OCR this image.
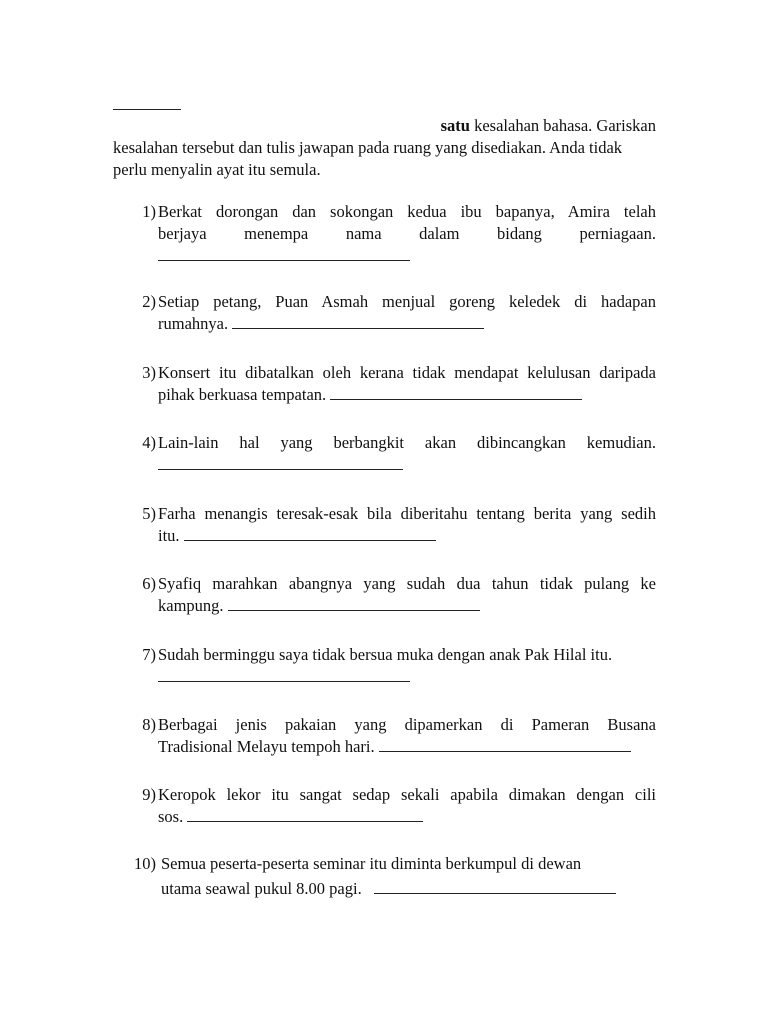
satu kesalahan bahasa. Gariskan
kesalahan tersebut dan tulis jawapan pada ruang yang disediakan. Anda tidak
perlu menyalin ayat itu semula.
1) Berkat dorongan dan sokongan kedua ibu bapanya, Amira telah
berjaya menempa nama dalam bidang perniagaan.
2) Setiap petang, Puan Asmah menjual goreng keledek di hadapan
rumahnya.
3) Konsert itu dibatalkan oleh kerana tidak mendapat kelulusan daripada
pihak berkuasa tempatan.
4) Lain-lain hal yang berbangkit akan dibincangkan kemudian.
5) Farha menangis teresak-esak bila diberitahu tentang berita yang sedih
itu.
6) Syafiq marahkan abangnya yang sudah dua tahun tidak pulang ke
kampung.
7) Sudah berminggu saya tidak bersua muka dengan anak Pak Hilal itu.
8) Berbagai jenis pakaian yang dipamerkan di Pameran Busana
Tradisional Melayu tempoh hari.
9) Keropok lekor itu sangat sedap sekali apabila dimakan dengan cili
sos.
10) Semua peserta-peserta seminar itu diminta berkumpul di dewan
utama seawal pukul 8.00 pagi.
